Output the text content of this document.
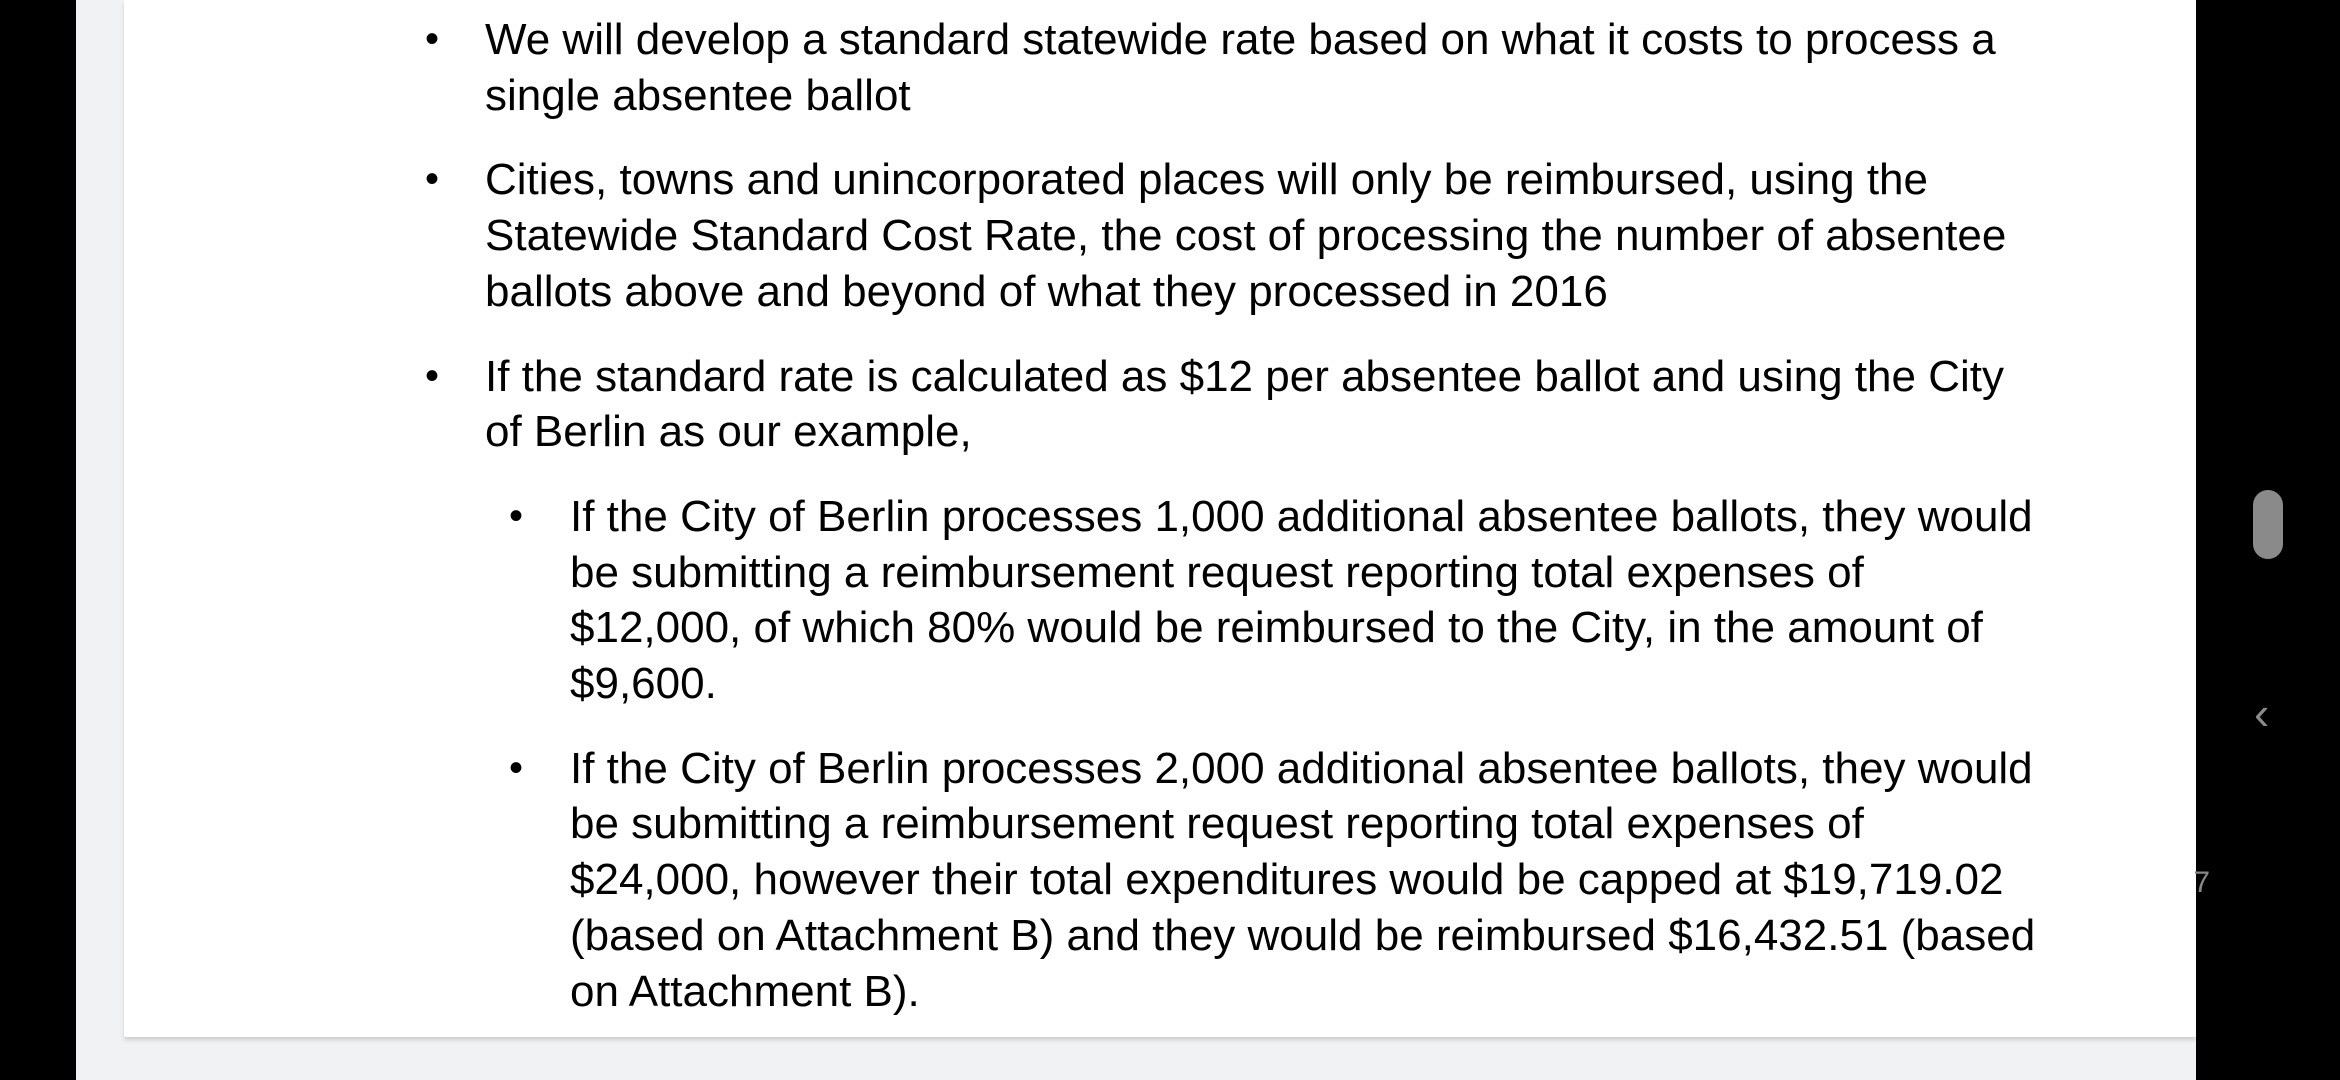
• We will develop a standard statewide rate based on what it costs to process a
single absentee ballot
• Cities, towns and unincorporated places will only be reimbursed, using the
Statewide Standard Cost Rate, the cost of processing the number of absentee
ballots above and beyond of what they processed in 2016
• If the standard rate is calculated as $12 per absentee ballot and using the City
of Berlin as our example,
• If the City of Berlin processes 1,000 additional absentee ballots, they would
be submitting a reimbursement request reporting total expenses of
$12,000, of which 80% would be reimbursed to the City, in the amount of
$9,600.
• If the City of Berlin processes 2,000 additional absentee ballots, they would
be submitting a reimbursement request reporting total expenses of
$24,000, however their total expenditures would be capped at $19,719.02
(based on Attachment B) and they would be reimbursed $16,432.51 (based
on Attachment B).
7
‹
